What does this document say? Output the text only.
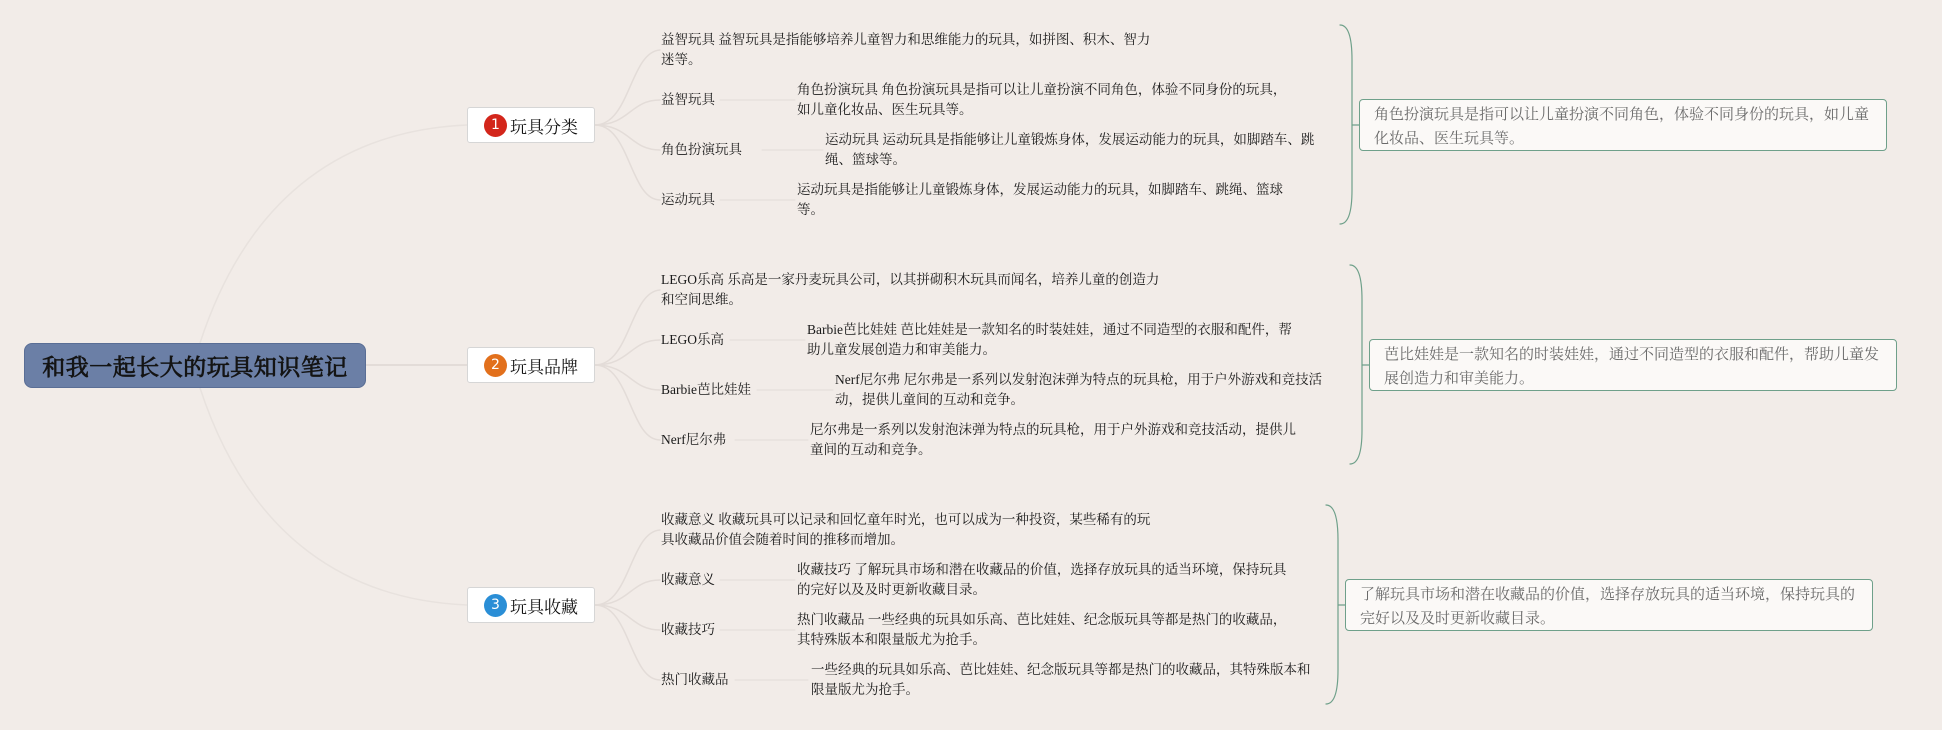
和我一起长大的玩具知识笔记
1 玩具分类
益智玩具 益智玩具是指能够培养儿童智力和思维能力的玩具，如拼图、积木、智力迷等。
益智玩具
角色扮演玩具 角色扮演玩具是指可以让儿童扮演不同角色，体验不同身份的玩具，如儿童化妆品、医生玩具等。
角色扮演玩具
运动玩具 运动玩具是指能够让儿童锻炼身体，发展运动能力的玩具，如脚踏车、跳绳、篮球等。
运动玩具
运动玩具是指能够让儿童锻炼身体，发展运动能力的玩具，如脚踏车、跳绳、篮球等。
角色扮演玩具是指可以让儿童扮演不同角色，体验不同身份的玩具，如儿童化妆品、医生玩具等。
2 玩具品牌
LEGO乐高 乐高是一家丹麦玩具公司，以其拼砌积木玩具而闻名，培养儿童的创造力和空间思维。
LEGO乐高
Barbie芭比娃娃 芭比娃娃是一款知名的时装娃娃，通过不同造型的衣服和配件，帮助儿童发展创造力和审美能力。
Barbie芭比娃娃
Nerf尼尔弗 尼尔弗是一系列以发射泡沫弹为特点的玩具枪，用于户外游戏和竞技活动，提供儿童间的互动和竞争。
Nerf尼尔弗
尼尔弗是一系列以发射泡沫弹为特点的玩具枪，用于户外游戏和竞技活动，提供儿童间的互动和竞争。
芭比娃娃是一款知名的时装娃娃，通过不同造型的衣服和配件，帮助儿童发展创造力和审美能力。
3 玩具收藏
收藏意义 收藏玩具可以记录和回忆童年时光，也可以成为一种投资，某些稀有的玩具收藏品价值会随着时间的推移而增加。
收藏意义
收藏技巧 了解玩具市场和潜在收藏品的价值，选择存放玩具的适当环境，保持玩具的完好以及及时更新收藏目录。
收藏技巧
热门收藏品 一些经典的玩具如乐高、芭比娃娃、纪念版玩具等都是热门的收藏品，其特殊版本和限量版尤为抢手。
热门收藏品
一些经典的玩具如乐高、芭比娃娃、纪念版玩具等都是热门的收藏品，其特殊版本和限量版尤为抢手。
了解玩具市场和潜在收藏品的价值，选择存放玩具的适当环境，保持玩具的完好以及及时更新收藏目录。
